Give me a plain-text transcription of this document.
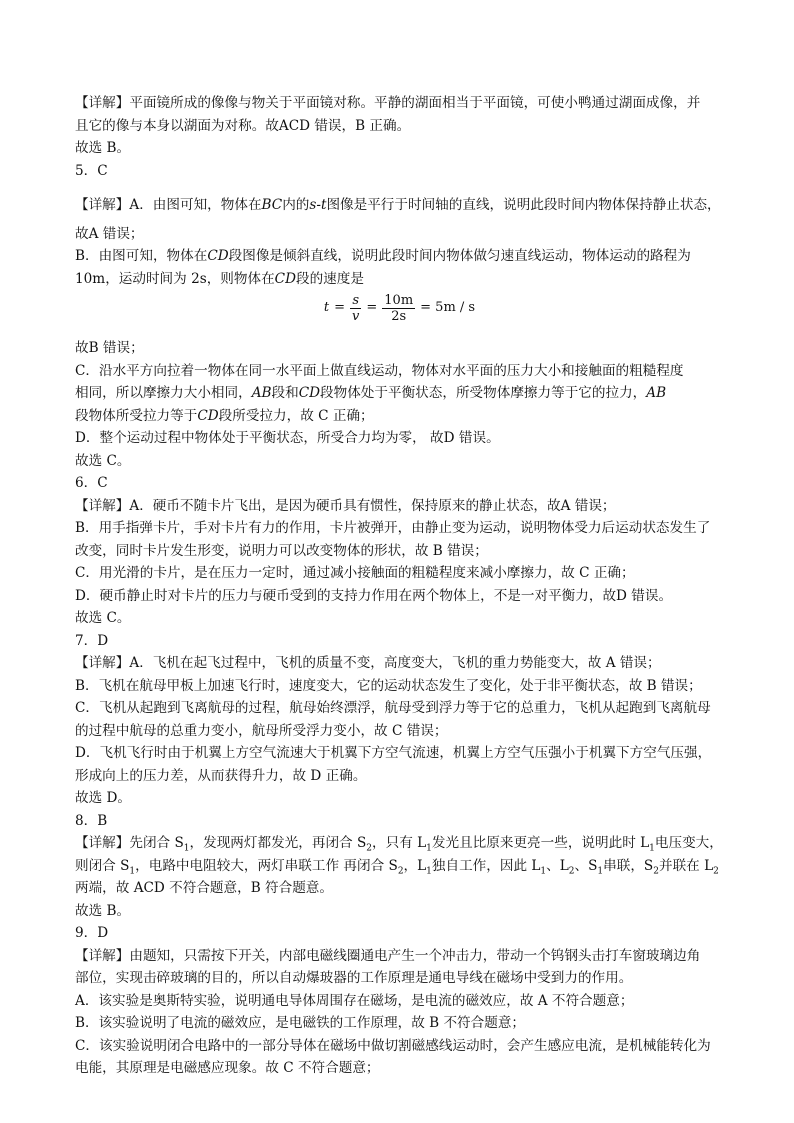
【详解】平面镜所成的像像与物关于平面镜对称。平静的湖面相当于平面镜，可使小鸭通过湖面成像，并
且它的像与本身以湖面为对称。故ACD 错误，B 正确。
故选 B。
5．C
【详解】A．由图可知，物体在BC内的s-t图像是平行于时间轴的直线，说明此段时间内物体保持静止状态，
故A 错误；
B．由图可知，物体在CD段图像是倾斜直线，说明此段时间内物体做匀速直线运动，物体运动的路程为
10m，运动时间为 2s，则物体在CD段的速度是
$t = \frac{s}{v} = \frac{10m}{2s} = 5m / s$
故B 错误；
C．沿水平方向拉着一物体在同一水平面上做直线运动，物体对水平面的压力大小和接触面的粗糙程度
相同，所以摩擦力大小相同，AB段和CD段物体处于平衡状态，所受物体摩擦力等于它的拉力，AB
段物体所受拉力等于CD段所受拉力，故 C 正确；
D．整个运动过程中物体处于平衡状态，所受合力均为零， 故D 错误。
故选 C。
6．C
【详解】A．硬币不随卡片飞出，是因为硬币具有惯性，保持原来的静止状态，故A 错误；
B．用手指弹卡片，手对卡片有力的作用，卡片被弹开，由静止变为运动，说明物体受力后运动状态发生了
改变，同时卡片发生形变，说明力可以改变物体的形状，故 B 错误；
C．用光滑的卡片，是在压力一定时，通过减小接触面的粗糙程度来减小摩擦力，故 C 正确；
D．硬币静止时对卡片的压力与硬币受到的支持力作用在两个物体上，不是一对平衡力，故D 错误。
故选 C。
7．D
【详解】A．飞机在起飞过程中，飞机的质量不变，高度变大，飞机的重力势能变大，故 A 错误；
B．飞机在航母甲板上加速飞行时，速度变大，它的运动状态发生了变化，处于非平衡状态，故 B 错误；
C．飞机从起跑到飞离航母的过程，航母始终漂浮，航母受到浮力等于它的总重力，飞机从起跑到飞离航母
的过程中航母的总重力变小，航母所受浮力变小，故 C 错误；
D．飞机飞行时由于机翼上方空气流速大于机翼下方空气流速，机翼上方空气压强小于机翼下方空气压强，
形成向上的压力差，从而获得升力，故 D 正确。
故选 D。
8．B
【详解】先闭合 $S_1$，发现两灯都发光，再闭合 $S_2$，只有 $L_1$发光且比原来更亮一些，说明此时 $L_1$电压变大，
则闭合 $S_1$，电路中电阻较大，两灯串联工作 再闭合 $S_2$，$L_1$独自工作，因此 $L_1$、$L_2$、$S_1$串联，$S_2$并联在 $L_2$
两端，故 ACD 不符合题意，B 符合题意。
故选 B。
9．D
【详解】由题知，只需按下开关，内部电磁线圈通电产生一个冲击力，带动一个钨钢头击打车窗玻璃边角
部位，实现击碎玻璃的目的，所以自动爆玻器的工作原理是通电导线在磁场中受到力的作用。
A．该实验是奥斯特实验，说明通电导体周围存在磁场，是电流的磁效应，故 A 不符合题意；
B．该实验说明了电流的磁效应，是电磁铁的工作原理，故 B 不符合题意；
C．该实验说明闭合电路中的一部分导体在磁场中做切割磁感线运动时，会产生感应电流，是机械能转化为
电能，其原理是电磁感应现象。故 C 不符合题意；
